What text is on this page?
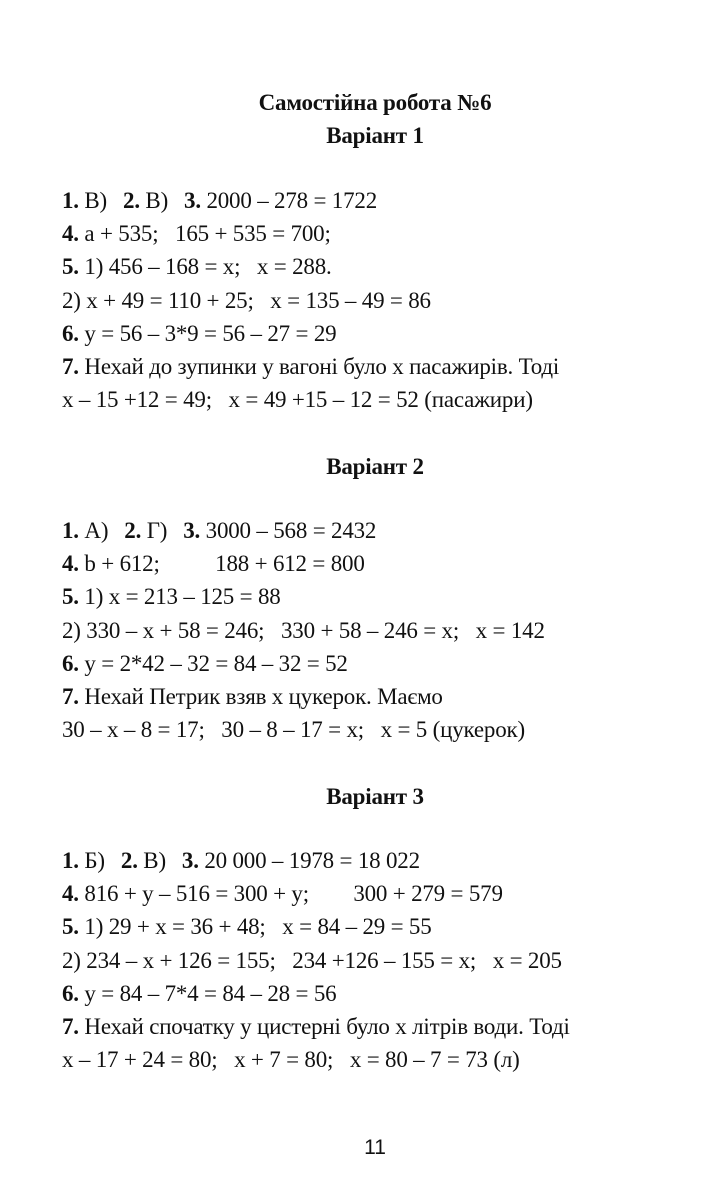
Самостійна робота №6
Варіант 1
1. В) 2. В) 3. 2000 – 278 = 1722
4. a + 535;   165 + 535 = 700;
5. 1) 456 – 168 = x;   x = 288.
2) x + 49 = 110 + 25;   x = 135 – 49 = 86
6. y = 56 – 3*9 = 56 – 27 = 29
7. Нехай до зупинки у вагоні було x пасажирів. Тоді
x – 15 +12 = 49;   x = 49 +15 – 12 = 52 (пасажири)
Варіант 2
1. А) 2. Г) 3. 3000 – 568 = 2432
4. b + 612;          188 + 612 = 800
5. 1) x = 213 – 125 = 88
2) 330 – x + 58 = 246;   330 + 58 – 246 = x;   x = 142
6. y = 2*42 – 32 = 84 – 32 = 52
7. Нехай Петрик взяв x цукерок. Маємо
30 – x – 8 = 17;   30 – 8 – 17 = x;   x = 5 (цукерок)
Варіант 3
1. Б) 2. В) 3. 20 000 – 1978 = 18 022
4. 816 + y – 516 = 300 + y;        300 + 279 = 579
5. 1) 29 + x = 36 + 48;   x = 84 – 29 = 55
2) 234 – x + 126 = 155;   234 +126 – 155 = x;   x = 205
6. y = 84 – 7*4 = 84 – 28 = 56
7. Нехай спочатку у цистерні було x літрів води. Тоді
x – 17 + 24 = 80;   x + 7 = 80;   x = 80 – 7 = 73 (л)
11
